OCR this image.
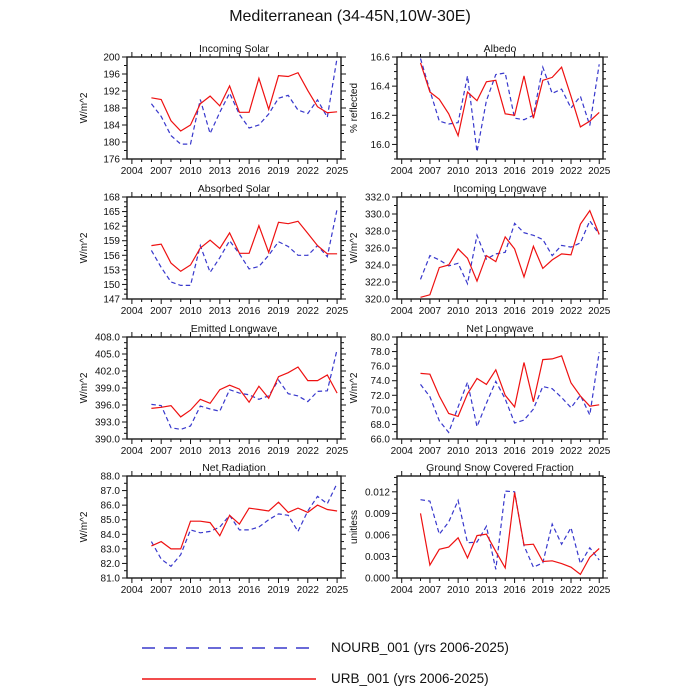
Mediterranean (34-45N,10W-30E)
Incoming Solar
W/m^2
2004 2007 2010 2013 2016 2019 2022 2025
176
180
184
188
192
196
200
Albedo
% reflected
2004 2007 2010 2013 2016 2019 2022 2025
16.0
16.2
16.4
16.6
Absorbed Solar
W/m^2
2004 2007 2010 2013 2016 2019 2022 2025
147
150
153
156
159
162
165
168
Incoming Longwave
W/m^2
2004 2007 2010 2013 2016 2019 2022 2025
320.0
322.0
324.0
326.0
328.0
330.0
332.0
Emitted Longwave
W/m^2
2004 2007 2010 2013 2016 2019 2022 2025
390.0
393.0
396.0
399.0
402.0
405.0
408.0
Net Longwave
W/m^2
2004 2007 2010 2013 2016 2019 2022 2025
66.0
68.0
70.0
72.0
74.0
76.0
78.0
80.0
Net Radiation
W/m^2
2004 2007 2010 2013 2016 2019 2022 2025
81.0
82.0
83.0
84.0
85.0
86.0
87.0
88.0
Ground Snow Covered Fraction
unitless
2004 2007 2010 2013 2016 2019 2022 2025
0.000
0.003
0.006
0.009
0.012
NOURB_001 (yrs 2006-2025)
URB_001 (yrs 2006-2025)
